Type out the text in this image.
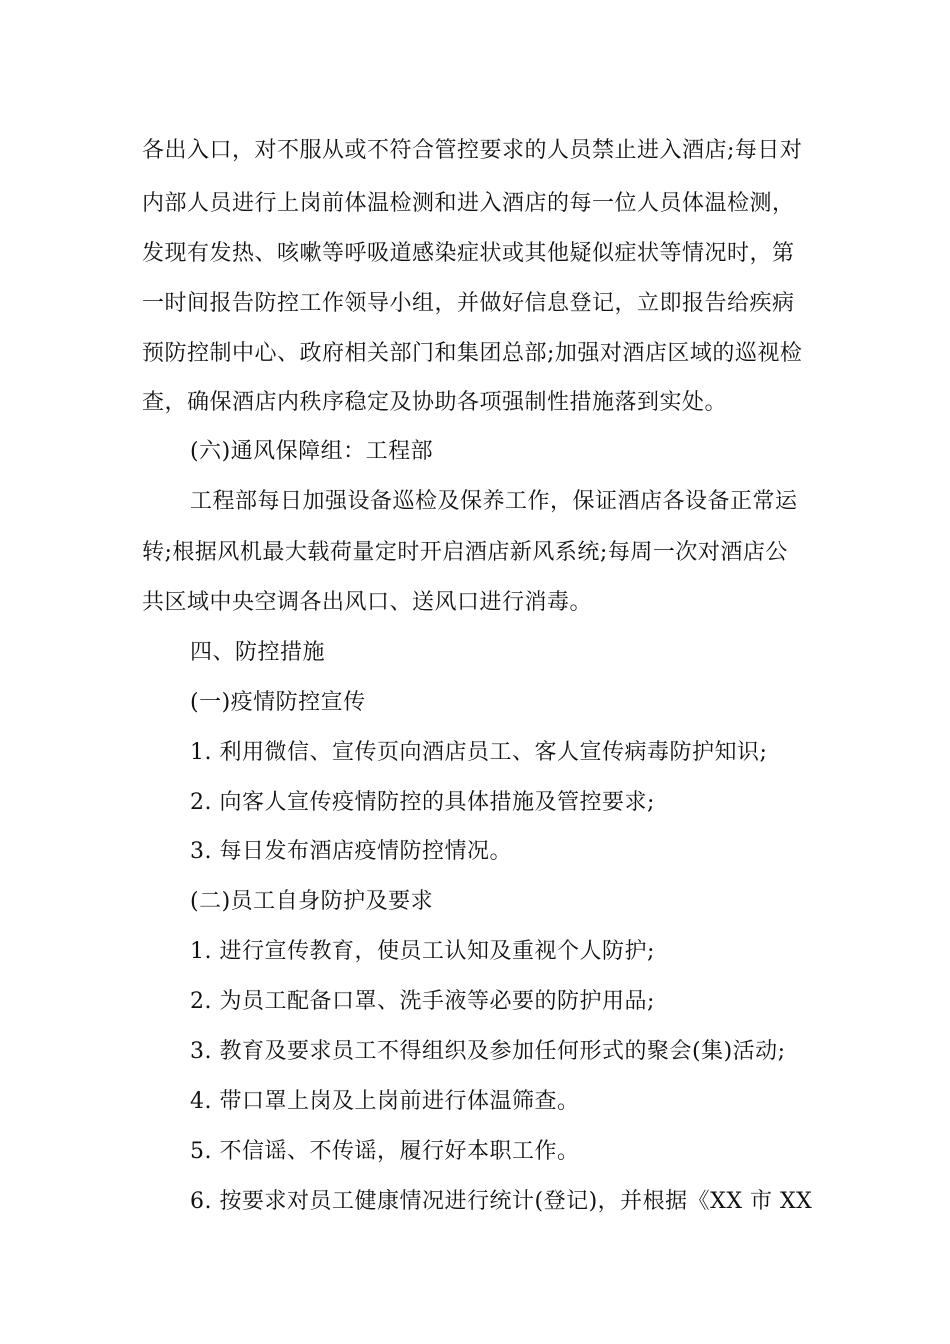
各出入口，对不服从或不符合管控要求的人员禁止进入酒店;每日对
内部人员进行上岗前体温检测和进入酒店的每一位人员体温检测，
发现有发热、咳嗽等呼吸道感染症状或其他疑似症状等情况时，第
一时间报告防控工作领导小组，并做好信息登记，立即报告给疾病
预防控制中心、政府相关部门和集团总部;加强对酒店区域的巡视检
查，确保酒店内秩序稳定及协助各项强制性措施落到实处。
(六)通风保障组：工程部
工程部每日加强设备巡检及保养工作，保证酒店各设备正常运
转;根据风机最大载荷量定时开启酒店新风系统;每周一次对酒店公
共区域中央空调各出风口、送风口进行消毒。
四、防控措施
(一)疫情防控宣传
1. 利用微信、宣传页向酒店员工、客人宣传病毒防护知识;
2. 向客人宣传疫情防控的具体措施及管控要求;
3. 每日发布酒店疫情防控情况。
(二)员工自身防护及要求
1. 进行宣传教育，使员工认知及重视个人防护;
2. 为员工配备口罩、洗手液等必要的防护用品;
3. 教育及要求员工不得组织及参加任何形式的聚会(集)活动;
4. 带口罩上岗及上岗前进行体温筛查。
5. 不信谣、不传谣，履行好本职工作。
6. 按要求对员工健康情况进行统计(登记)，并根据《XX 市 XX
